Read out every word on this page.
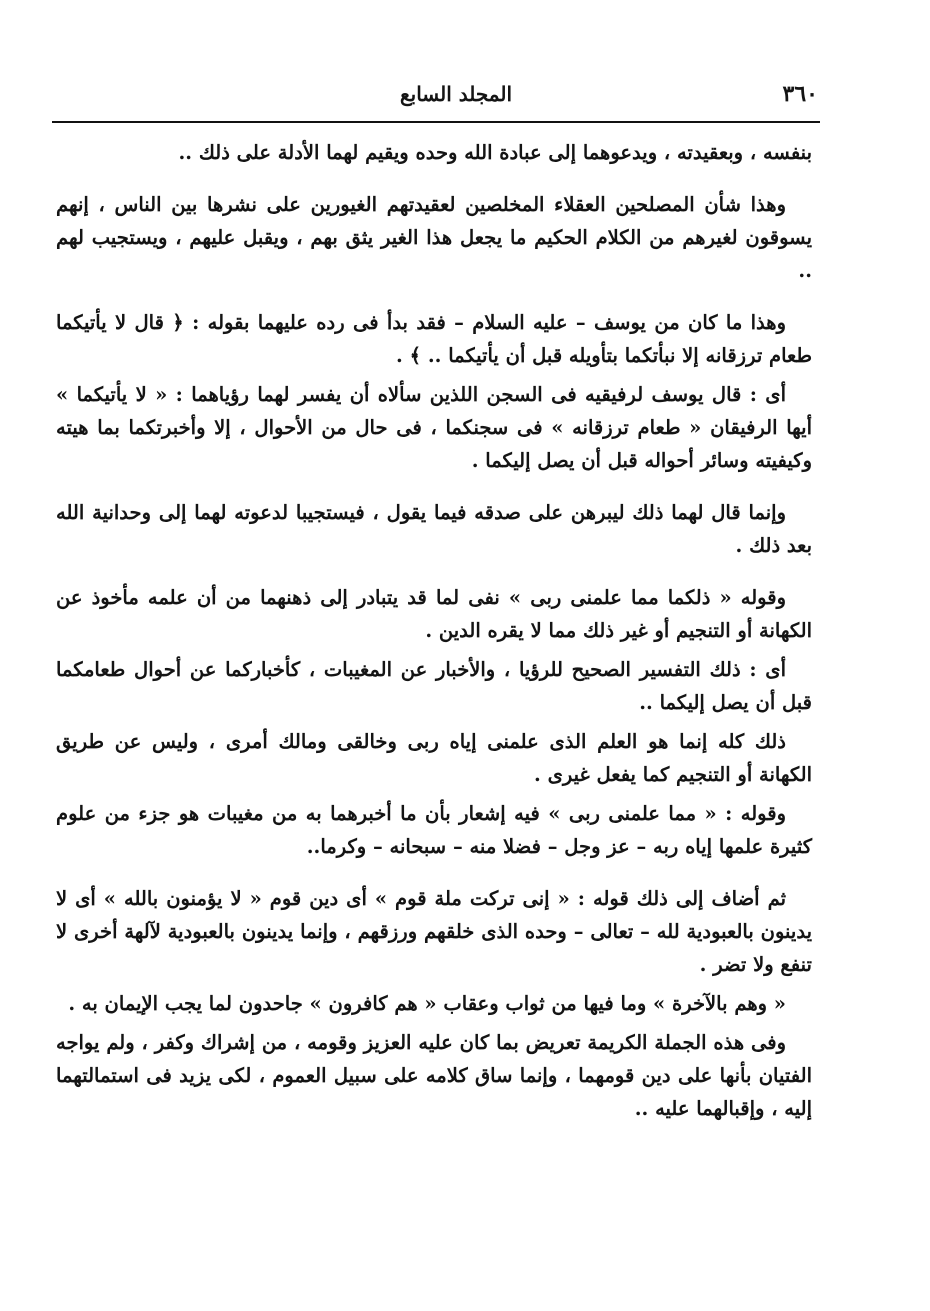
٣٦٠
المجلد السابع

بنفسه ، وبعقيدته ، ويدعوهما إلى عبادة الله وحده ويقيم لهما الأدلة على ذلك ..

وهذا شأن المصلحين العقلاء المخلصين لعقيدتهم الغيورين على نشرها بين الناس ، إنهم يسوقون لغيرهم من الكلام الحكيم ما يجعل هذا الغير يثق بهم ، ويقبل عليهم ، ويستجيب لهم ..

وهذا ما كان من يوسف – عليه السلام – فقد بدأ فى رده عليهما بقوله : ﴿ قال لا يأتيكما طعام ترزقانه إلا نبأتكما بتأويله قبل أن يأتيكما .. ﴾ .

أى : قال يوسف لرفيقيه فى السجن اللذين سألاه أن يفسر لهما رؤياهما : « لا يأتيكما » أيها الرفيقان « طعام ترزقانه » فى سجنكما ، فى حال من الأحوال ، إلا وأخبرتكما بما هيته وكيفيته وسائر أحواله قبل أن يصل إليكما .

وإنما قال لهما ذلك ليبرهن على صدقه فيما يقول ، فيستجيبا لدعوته لهما إلى وحدانية الله بعد ذلك .

وقوله « ذلكما مما علمنى ربى » نفى لما قد يتبادر إلى ذهنهما من أن علمه مأخوذ عن الكهانة أو التنجيم أو غير ذلك مما لا يقره الدين .

أى : ذلك التفسير الصحيح للرؤيا ، والأخبار عن المغيبات ، كأخباركما عن أحوال طعامكما قبل أن يصل إليكما ..

ذلك كله إنما هو العلم الذى علمنى إياه ربى وخالقى ومالك أمرى ، وليس عن طريق الكهانة أو التنجيم كما يفعل غيرى .

وقوله : « مما علمنى ربى » فيه إشعار بأن ما أخبرهما به من مغيبات هو جزء من علوم كثيرة علمها إياه ربه – عز وجل – فضلا منه – سبحانه – وكرما..

ثم أضاف إلى ذلك قوله : « إنى تركت ملة قوم » أى دين قوم « لا يؤمنون بالله » أى لا يدينون بالعبودية لله – تعالى – وحده الذى خلقهم ورزقهم ، وإنما يدينون بالعبودية لآلهة أخرى لا تنفع ولا تضر .

« وهم بالآخرة » وما فيها من ثواب وعقاب « هم كافرون » جاحدون لما يجب الإيمان به .

وفى هذه الجملة الكريمة تعريض بما كان عليه العزيز وقومه ، من إشراك وكفر ، ولم يواجه الفتيان بأنها على دين قومهما ، وإنما ساق كلامه على سبيل العموم ، لكى يزيد فى استمالتهما إليه ، وإقبالهما عليه ..
